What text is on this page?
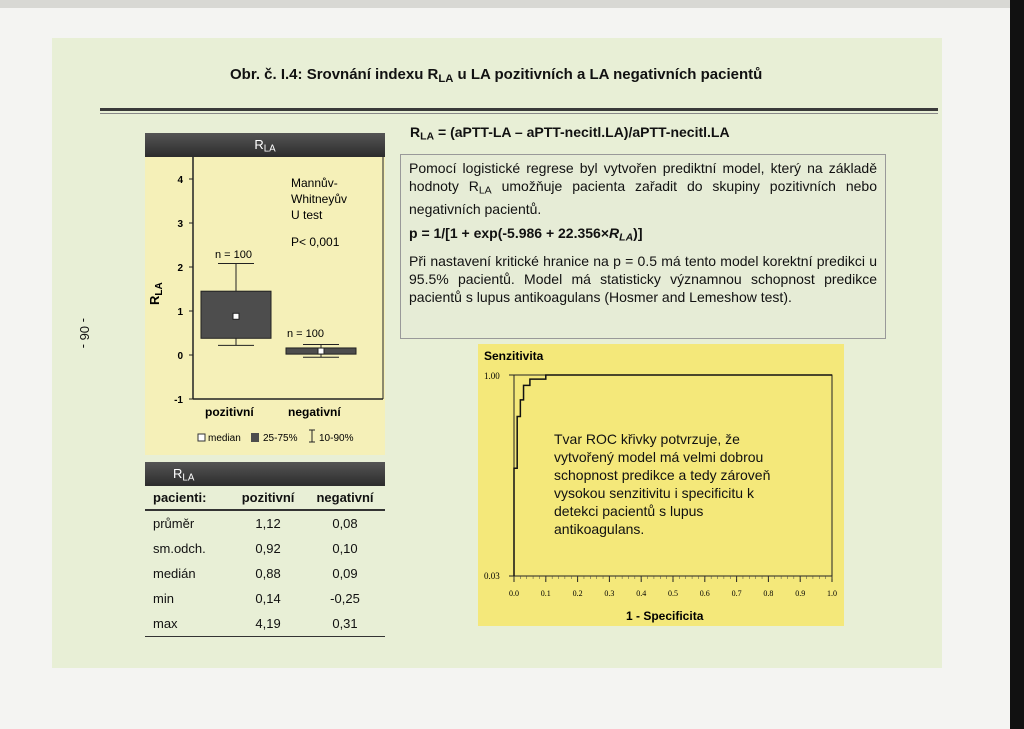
- 06 -
Obr. č. I.4: Srovnání indexu $R_{LA}$ u LA pozitivních a LA negativních pacientů
$R_{LA}$
4
3
2
1
0
-1
$R_{LA}$
n = 100
n = 100
Mannův-
Whitneyův
U test
P< 0,001
pozitivní	negativní
median 25-75% 10-90%
$R_{LA}$
pacienti:	pozitivní	negativní
průměr	1,12	0,08
sm.odch.	0,92	0,10
medián	0,88	0,09
min	0,14	-0,25
max	4,19	0,31
$R_{LA}$ = (aPTT-LA – aPTT-necitl.LA)/aPTT-necitl.LA

Pomocí logistické regrese byl vytvořen prediktní model, který na základě hodnoty $R_{LA}$ umožňuje pacienta zařadit do skupiny pozitivních nebo negativních pacientů.

$p = 1/[1 + \exp(-5.986 + 22.356\times R_{LA})]$

Při nastavení kritické hranice na p = 0.5 má tento model korektní predikci u 95.5% pacientů. Model má statisticky významnou schopnost predikce pacientů s lupus antikoagulans (Hosmer and Lemeshow test).

Senzitivita
1.00
0.03
0.0	0.1	0.2	0.3	0.4	0.5	0.6	0.7	0.8	0.9	1.0
1 - Specificita
Tvar ROC křivky potvrzuje, že vytvořený model má velmi dobrou schopnost predikce a tedy zároveň vysokou senzitivitu i specificitu k detekci pacientů s lupus antikoagulans.
